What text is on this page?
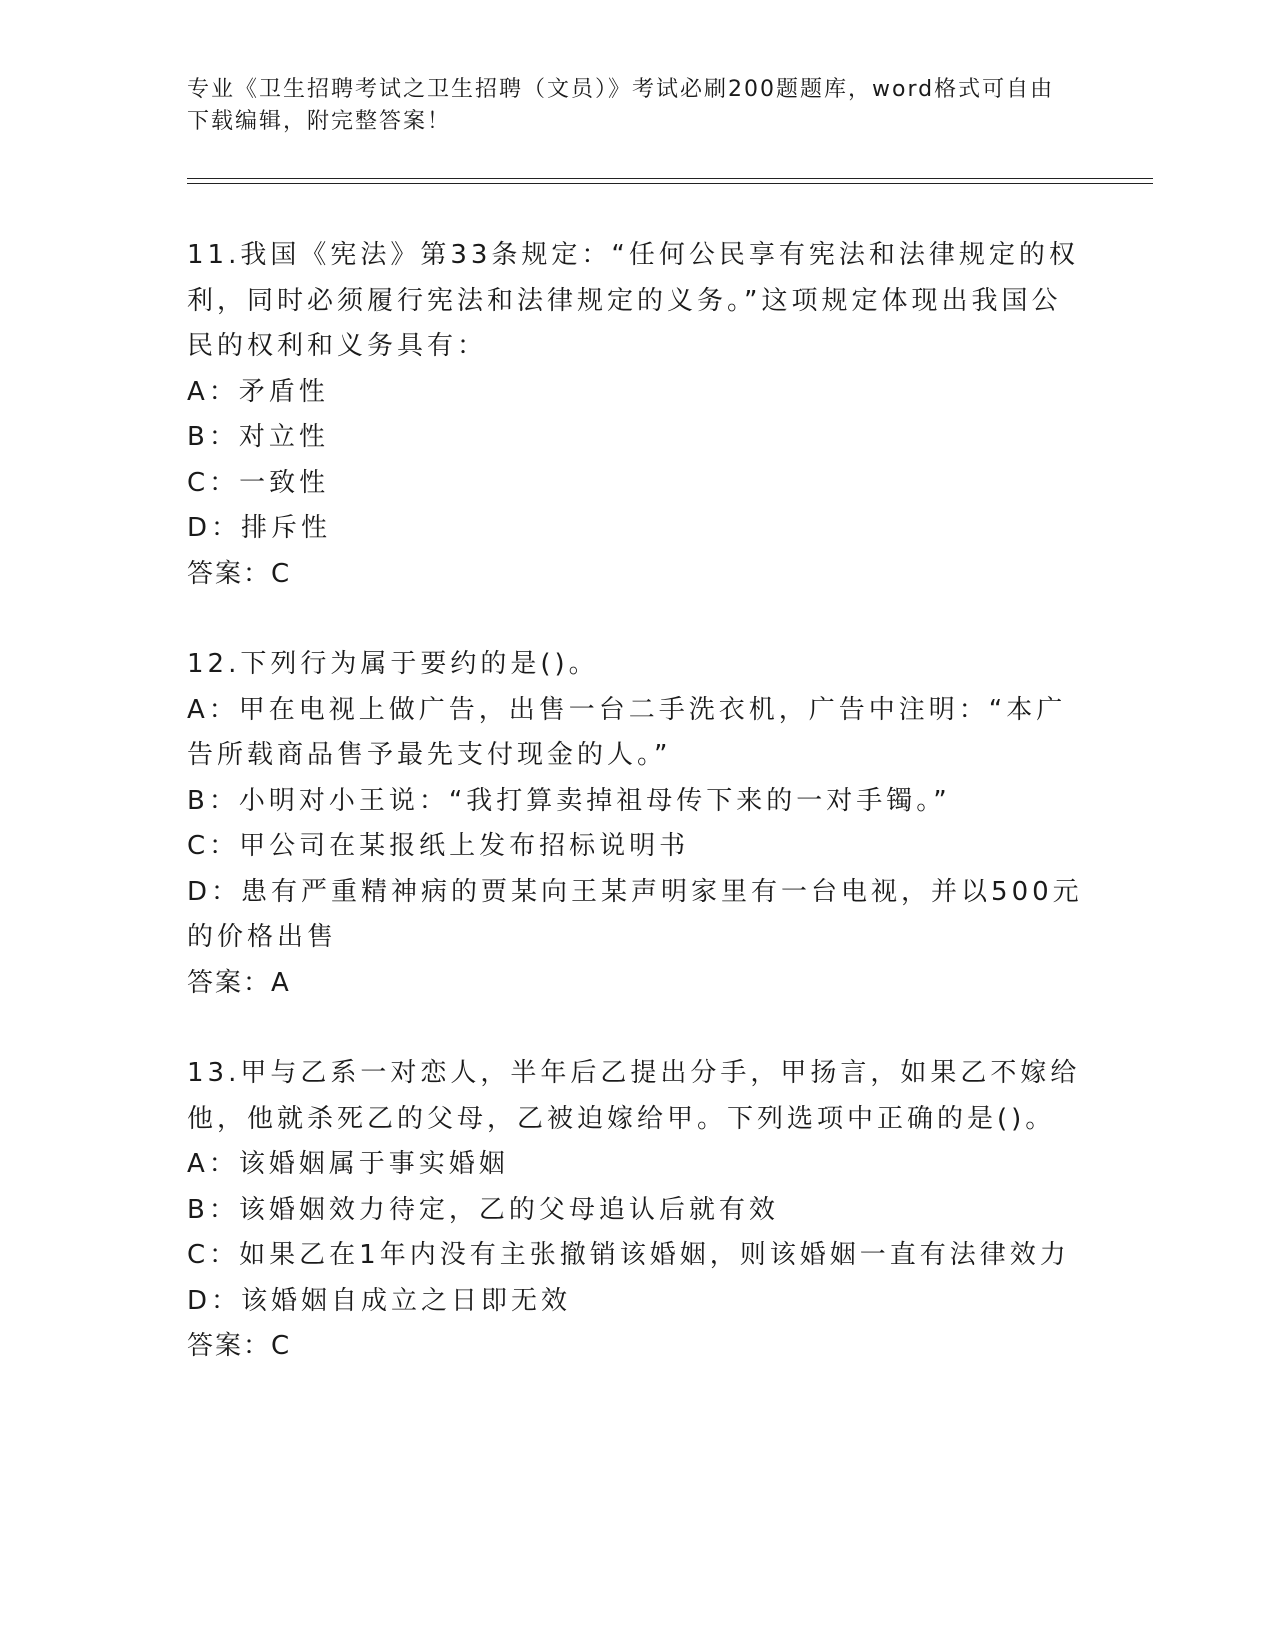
专业《卫生招聘考试之卫生招聘（文员）》考试必刷200题题库，word格式可自由下载编辑，附完整答案！

11.我国《宪法》第33条规定：“任何公民享有宪法和法律规定的权利，同时必须履行宪法和法律规定的义务。”这项规定体现出我国公民的权利和义务具有：

A：矛盾性

B：对立性

C：一致性

D：排斥性

答案：C

12.下列行为属于要约的是()。

A：甲在电视上做广告，出售一台二手洗衣机，广告中注明：“本广告所载商品售予最先支付现金的人。”

B：小明对小王说：“我打算卖掉祖母传下来的一对手镯。”

C：甲公司在某报纸上发布招标说明书

D：患有严重精神病的贾某向王某声明家里有一台电视，并以500元的价格出售

答案：A

13.甲与乙系一对恋人，半年后乙提出分手，甲扬言，如果乙不嫁给他，他就杀死乙的父母，乙被迫嫁给甲。下列选项中正确的是()。

A：该婚姻属于事实婚姻

B：该婚姻效力待定，乙的父母追认后就有效

C：如果乙在1年内没有主张撤销该婚姻，则该婚姻一直有法律效力

D：该婚姻自成立之日即无效

答案：C
